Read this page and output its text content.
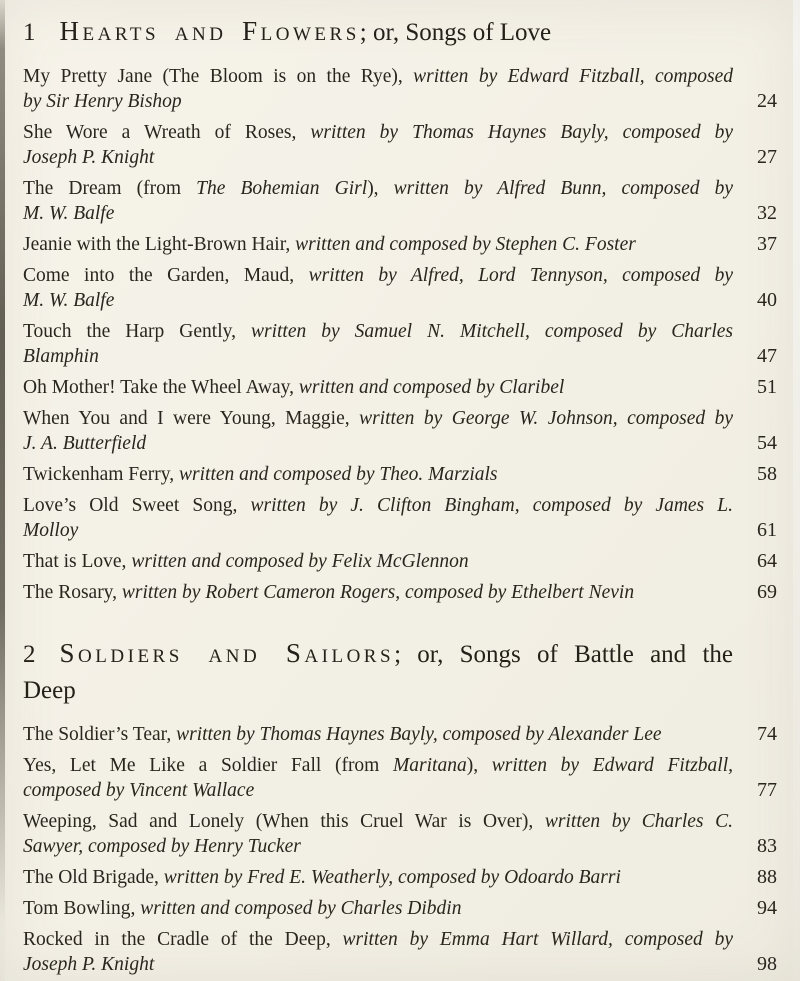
1 Hearts and Flowers; or, Songs of Love
My Pretty Jane (The Bloom is on the Rye), written by Edward Fitzball, composed
by Sir Henry Bishop	24
She Wore a Wreath of Roses, written by Thomas Haynes Bayly, composed by
Joseph P. Knight	27
The Dream (from The Bohemian Girl), written by Alfred Bunn, composed by
M. W. Balfe	32
Jeanie with the Light-Brown Hair, written and composed by Stephen C. Foster	37
Come into the Garden, Maud, written by Alfred, Lord Tennyson, composed by
M. W. Balfe	40
Touch the Harp Gently, written by Samuel N. Mitchell, composed by Charles
Blamphin	47
Oh Mother! Take the Wheel Away, written and composed by Claribel	51
When You and I were Young, Maggie, written by George W. Johnson, composed by
J. A. Butterfield	54
Twickenham Ferry, written and composed by Theo. Marzials	58
Love’s Old Sweet Song, written by J. Clifton Bingham, composed by James L.
Molloy	61
That is Love, written and composed by Felix McGlennon	64
The Rosary, written by Robert Cameron Rogers, composed by Ethelbert Nevin	69
2 Soldiers and Sailors; or, Songs of Battle and the
Deep
The Soldier’s Tear, written by Thomas Haynes Bayly, composed by Alexander Lee	74
Yes, Let Me Like a Soldier Fall (from Maritana), written by Edward Fitzball,
composed by Vincent Wallace	77
Weeping, Sad and Lonely (When this Cruel War is Over), written by Charles C.
Sawyer, composed by Henry Tucker	83
The Old Brigade, written by Fred E. Weatherly, composed by Odoardo Barri	88
Tom Bowling, written and composed by Charles Dibdin	94
Rocked in the Cradle of the Deep, written by Emma Hart Willard, composed by
Joseph P. Knight	98
